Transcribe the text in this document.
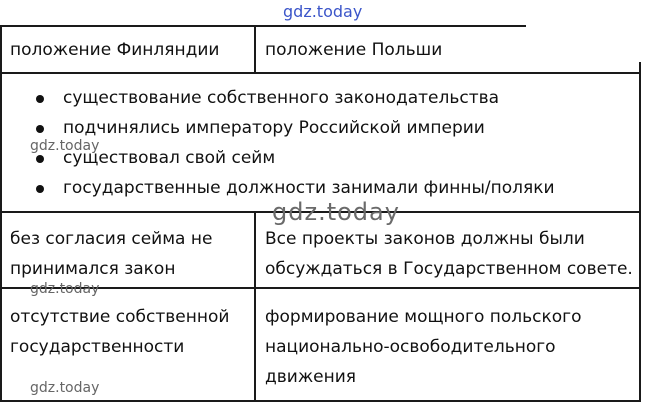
gdz.today
gdz.today
gdz.today
gdz.today
gdz.today
положение Финляндии	положение Польши
существование собственного законодательства
подчинялись императору Российской империи
существовал свой сейм
государственные должности занимали финны/поляки
без согласия сейма не
принимался закон
Все проекты законов должны были
обсуждаться в Государственном совете.
отсутствие собственной
государственности
формирование мощного польского
национально-освободительного
движения
